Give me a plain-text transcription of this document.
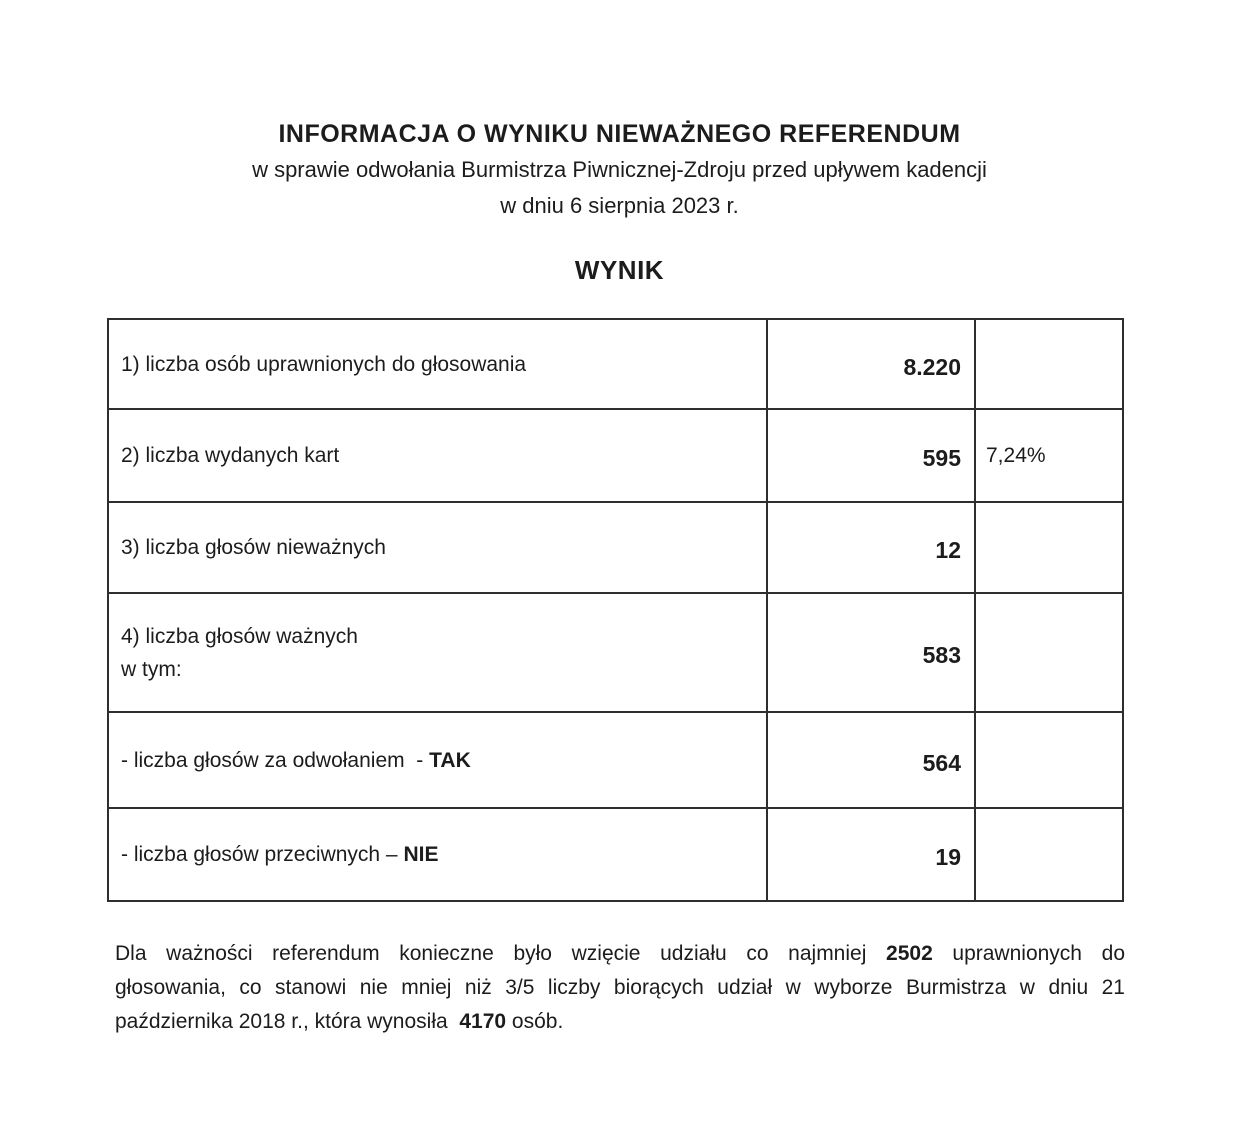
INFORMACJA O WYNIKU NIEWAŻNEGO REFERENDUM
w sprawie odwołania Burmistrza Piwnicznej-Zdroju przed upływem kadencji
w dniu 6 sierpnia 2023 r.
WYNIK
1) liczba osób uprawnionych do głosowania	8.220	
2) liczba wydanych kart	595	7,24%
3) liczba głosów nieważnych	12	
4) liczba głosów ważnych
w tym:	583	
- liczba głosów za odwołaniem  - TAK	564	
- liczba głosów przeciwnych – NIE	19	

Dla ważności referendum konieczne było wzięcie udziału co najmniej 2502 uprawnionych do
głosowania, co stanowi nie mniej niż 3/5 liczby biorących udział w wyborze Burmistrza w dniu 21
października 2018 r., która wynosiła  4170 osób.
